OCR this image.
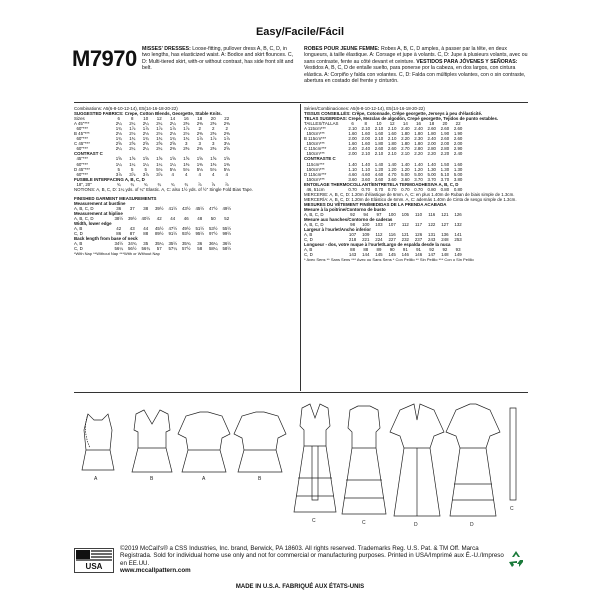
Easy/Facile/Fácil
M7970 MISSES' DRESSES: Loose-fitting, pullover dress A, B, C, D, in two lengths, has elasticized waist. A: Bodice and skirt flounces. C, D: Multi-tiered skirt, with-or without contrast, has side front slit and belt.
ROBES POUR JEUNE FEMME: Robes A, B, C, D amples, à passer par la tête, en deux longueurs, à taille élastique. A: Corsage et jupe à volants. C, D: Jupe à plusieurs volants, avec ou sans contraste, fente au côté devant et ceinture. VESTIDOS PARA JÓVENES Y SEÑORAS: Vestidos A, B, C, D de entalle suelto, para ponerse por la cabeza, en dos largos, con cintura elástica. A: Corpiño y falda con volantes. C, D: Falda con múltiples volantes, con o sin contraste, abertura en costado del frente y cinturón.
Combinations: A5(6-8-10-12-14), E5(14-16-18-20-22)
SUGGESTED FABRICS: Crepe, Cotton Blends, Georgette, Stable Knits.
Sizes	6	8	10	12	14	16	18	20	22
A 45"***	2¼	2¼	2¼	2¼	2¼	2⅜	2⅜	2⅜	2⅜
60"***	1¾	1⅞	1⅞	1⅞	1⅞	1⅞	2	2	2
B 45"***	2⅛	2⅛	2⅛	2⅛	2⅛	2⅛	2⅜	2⅜	2⅜
60"***	1¾	1¾	1¾	1¾	1¾	1¾	1⅞	1⅞	1⅞
C 45"***	2⅝	2⅝	2⅝	2⅝	2⅝	3	3	3	3⅛
60"***	2¼	2¼	2¼	2¼	2⅜	2⅜	2⅜	2⅜	2⅝
CONTRAST C									
45"***	1⅝	1⅝	1⅝	1⅝	1⅝	1⅝	1⅝	1⅝	1⅝
60"***	1¼	1¼	1¼	1¼	1¼	1⅜	1⅜	1⅜	1⅜
D 45"***	5	5	5	5⅛	5⅛	5⅛	5⅛	5⅛	5⅛
60"***	3⅞	3⅞	3⅞	3⅞	4	4	4	4	4
FUSIBLE INTERFACING A, B, C, D
18", 20"	¾	¾	¾	¾	¾	¾	⅞	⅞	⅞
NOTIONS: A, B, C, D: 1¼ yds. of ¼" Elastic. A, C: also 1½ yds. of ½" Single Fold Bias Tape.
FINISHED GARMENT MEASUREMENTS
Measurement at bustline
A, B, C, D	36	37	38	39½	41½	43½	45½	47½	49½
Measurement at hipline
A, B, C, D	38½	39½	40½	42	44	46	48	50	52
Width, lower edge
A, B	42	43	44	45½	47½	49½	51½	53½	55½
C, D	86	87	88	89½	91½	93½	95½	97½	99½
Back length from base of neck
A, B	34½	34¾	35	35¼	35½	35¾	36	36¼	36½
C, D	56¼	56½	56¾	57	57¼	57½	58	58¼	58½
*With Nap **Without Nap ***With or Without Nap
Séries/Combinaciones: A5(6-8-10-12-14), E5(14-16-18-20-22)
TISSUS CONSEILLÉS: Crêpe, Cotonnade, Crêpe georgette, Jerseys à peu d'élasticité.
TELAS SUGERIDAS: Crepé, Mezclas de algodón, Crepé georgette, Tejidos de punto estables.
TAILLES/TALLAS	6	8	10	12	14	16	18	20	22
A 115cm***	2.10	2.10	2.10	2.10	2.40	2.40	2.60	2.60	2.60
150cm***	1.60	1.60	1.60	1.60	1.80	1.80	1.80	1.90	1.90
B 115cm***	2.00	2.00	2.10	2.10	2.20	2.30	2.40	2.60	2.60
150cm***	1.60	1.60	1.80	1.80	1.80	1.80	2.00	2.00	2.00
C 115cm***	2.40	2.40	2.60	2.60	2.70	2.80	2.80	2.80	2.90
150cm***	2.00	2.10	2.10	2.10	2.10	2.20	2.20	2.20	2.40
CONTRASTE C									
115cm***	1.40	1.40	1.40	1.40	1.40	1.40	1.40	1.50	1.60
150cm***	1.10	1.10	1.20	1.20	1.20	1.20	1.30	1.30	1.30
D 115cm***	4.60	4.60	4.60	4.70	5.00	5.00	5.00	5.10	5.00
150cm***	3.60	3.60	3.60	3.60	3.60	3.70	3.70	3.70	3.80
ENTOILAGE THERMOCOLLANT/ENTRETELA TERMOADHESIVA A, B, C, D
46, 51cm	0.70	0.70	0.70	0.70	0.70	0.70	0.80	0.80	0.80
MERCERIE: A, B, C, D: 1.20m d'élastique de 6mm. A, C: en plus 1.40m de Ruban de biais simple de 1.3cm.
MERCERÍA: A, B, C, D: 1.20m de Elástico de 6mm. A, C: además 1.40m de Cinta de sesgo simple de 1.3cm.
MESURES DU VÊTEMENT FINI/MEDIDAS DE LA PRENDA ACABADA
Mesure à la poitrine/Contorno de busto
A, B, C, D	92	94	97	100	105	110	116	121	126
Mesure aux hanches/Contorno de caderas
A, B, C, D	98	100	103	107	112	117	122	127	132
Largeur à l'ourlet/Ancho inferior
A, B	107	109	112	116	121	126	131	136	141
C, D	218	221	224	227	232	237	243	248	253
Longueur - dos, votre nuque à l'ourlet/Largo de espalda desde la nuca
A, B	88	88	89	90	91	91	92	92	93
C, D	143	144	145	145	146	146	147	148	149
* Avec Sens ** Sans Sens *** Avec ou Sans Sens * Con Pelillo ** Sin Pelillo *** Con o Sin Pelillo
A	B	A	B
C	C	D	D
C
USA
©2019 McCall's® a CSS Industries, Inc. brand, Berwick, PA 18603. All rights reserved. Trademarks Reg. U.S. Pat. & TM Off. Marca Registrada. Sold for individual home use only and not for commercial or manufacturing purposes. Printed in USA/Imprimé aux É.-U./Impreso en EE.UU.
www.mccallpattern.com
MADE IN U.S.A. FABRIQUÉ AUX ÉTATS-UNIS
